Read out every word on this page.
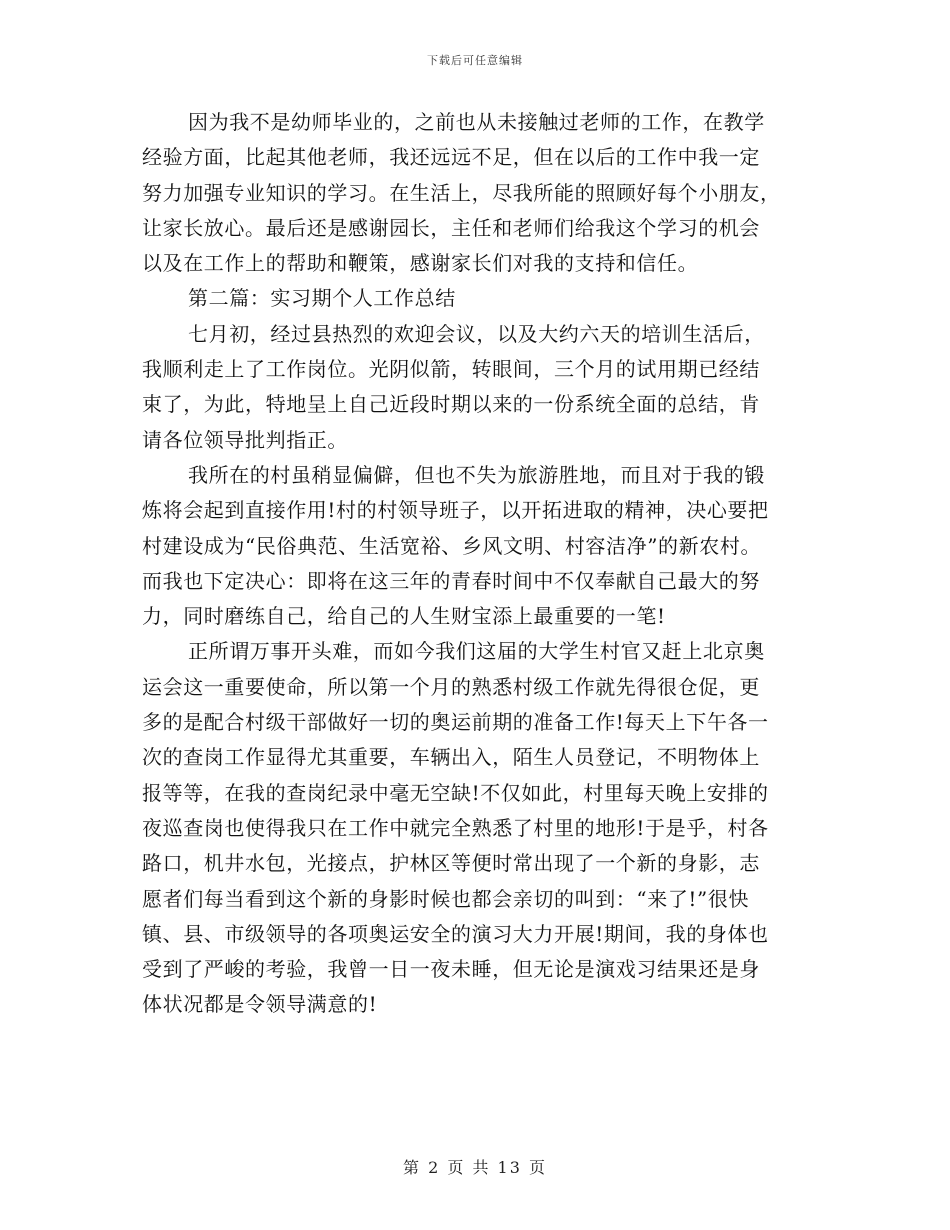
下载后可任意编辑
因为我不是幼师毕业的，之前也从未接触过老师的工作，在教学
经验方面，比起其他老师，我还远远不足，但在以后的工作中我一定
努力加强专业知识的学习。在生活上，尽我所能的照顾好每个小朋友，
让家长放心。最后还是感谢园长，主任和老师们给我这个学习的机会
以及在工作上的帮助和鞭策，感谢家长们对我的支持和信任。
第二篇：实习期个人工作总结
七月初，经过县热烈的欢迎会议，以及大约六天的培训生活后，
我顺利走上了工作岗位。光阴似箭，转眼间，三个月的试用期已经结
束了，为此，特地呈上自己近段时期以来的一份系统全面的总结，肯
请各位领导批判指正。
我所在的村虽稍显偏僻，但也不失为旅游胜地，而且对于我的锻
炼将会起到直接作用!村的村领导班子，以开拓进取的精神，决心要把
村建设成为“民俗典范、生活宽裕、乡风文明、村容洁净”的新农村。
而我也下定决心：即将在这三年的青春时间中不仅奉献自己最大的努
力，同时磨练自己，给自己的人生财宝添上最重要的一笔!
正所谓万事开头难，而如今我们这届的大学生村官又赶上北京奥
运会这一重要使命，所以第一个月的熟悉村级工作就先得很仓促，更
多的是配合村级干部做好一切的奥运前期的准备工作!每天上下午各一
次的查岗工作显得尤其重要，车辆出入，陌生人员登记，不明物体上
报等等，在我的查岗纪录中毫无空缺!不仅如此，村里每天晚上安排的
夜巡查岗也使得我只在工作中就完全熟悉了村里的地形!于是乎，村各
路口，机井水包，光接点，护林区等便时常出现了一个新的身影，志
愿者们每当看到这个新的身影时候也都会亲切的叫到：“来了!”很快
镇、县、市级领导的各项奥运安全的演习大力开展!期间，我的身体也
受到了严峻的考验，我曾一日一夜未睡，但无论是演戏习结果还是身
体状况都是令领导满意的!
第 2 页 共 13 页
